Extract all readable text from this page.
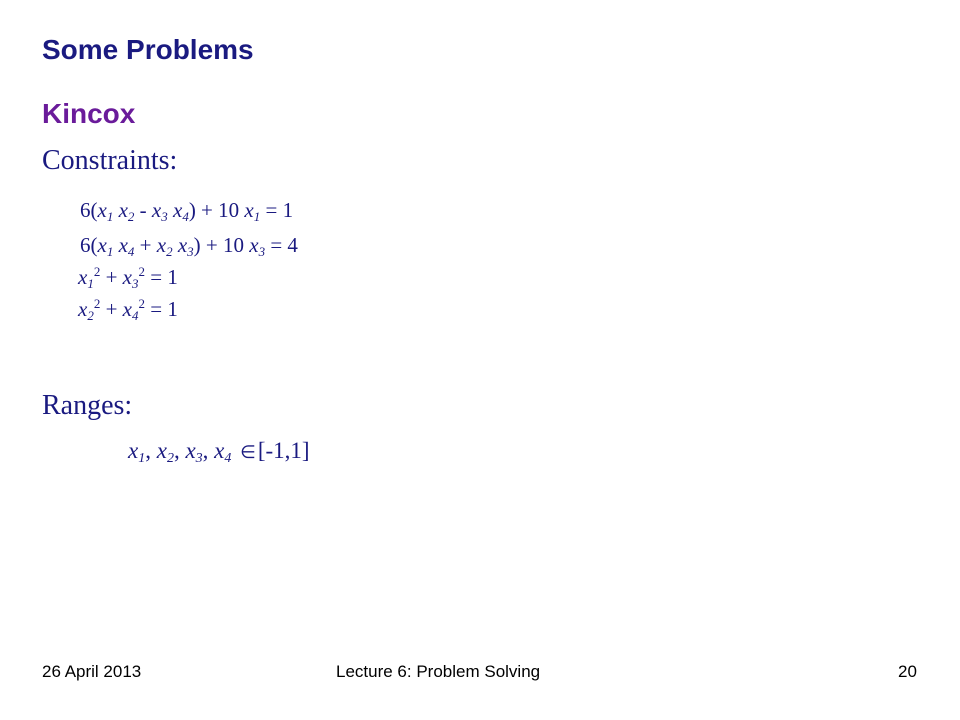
Some Problems
Kincox
Constraints:
$6(x_1$ $x_2 - x_3$ $x_4) + 10$ $x_1 = 1$
$6(x_1$ $x_4 + x_2$ $x_3) + 10$ $x_3 = 4$
$x_1^2 + x_3^2 = 1$
$x_2^2 + x_4^2 = 1$
Ranges:
$x_1$, $x_2$, $x_3$, $x_4$ ∈[-1,1]
26 April 2013	Lecture 6: Problem Solving	20
